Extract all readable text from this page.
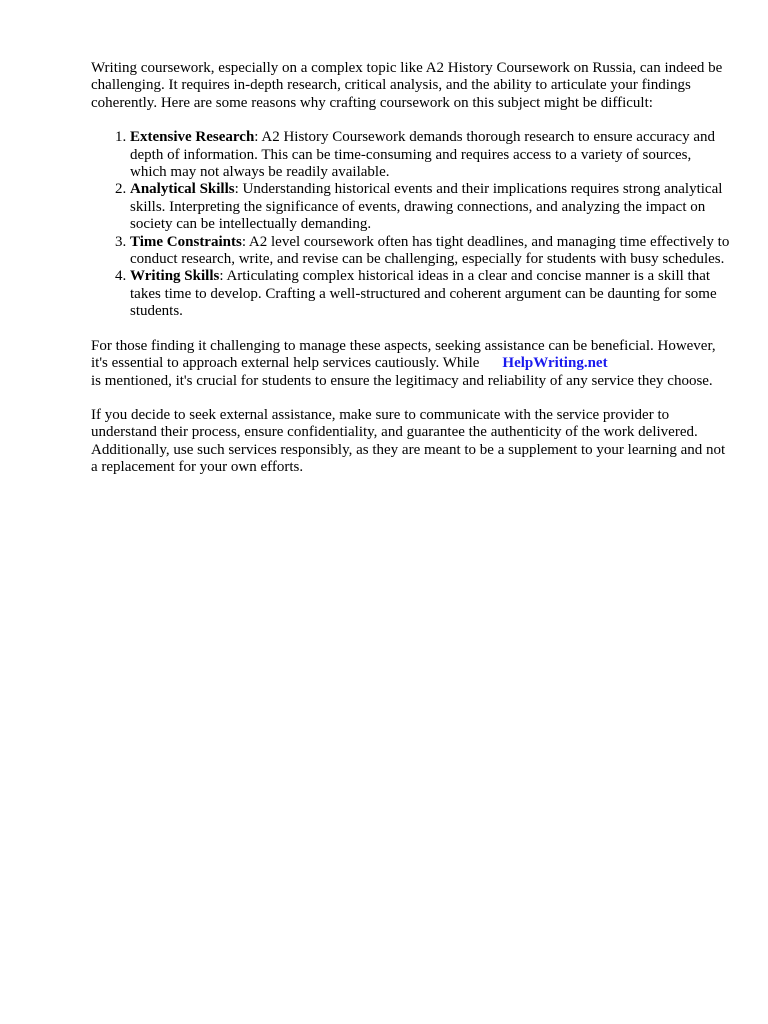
Writing coursework, especially on a complex topic like A2 History Coursework on Russia, can indeed be challenging. It requires in-depth research, critical analysis, and the ability to articulate your findings coherently. Here are some reasons why crafting coursework on this subject might be difficult:

1. Extensive Research: A2 History Coursework demands thorough research to ensure accuracy and depth of information. This can be time-consuming and requires access to a variety of sources, which may not always be readily available.
2. Analytical Skills: Understanding historical events and their implications requires strong analytical skills. Interpreting the significance of events, drawing connections, and analyzing the impact on society can be intellectually demanding.
3. Time Constraints: A2 level coursework often has tight deadlines, and managing time effectively to conduct research, write, and revise can be challenging, especially for students with busy schedules.
4. Writing Skills: Articulating complex historical ideas in a clear and concise manner is a skill that takes time to develop. Crafting a well-structured and coherent argument can be daunting for some students.

For those finding it challenging to manage these aspects, seeking assistance can be beneficial. However, it's essential to approach external help services cautiously. While HelpWriting.net
is mentioned, it's crucial for students to ensure the legitimacy and reliability of any service they choose.

If you decide to seek external assistance, make sure to communicate with the service provider to understand their process, ensure confidentiality, and guarantee the authenticity of the work delivered. Additionally, use such services responsibly, as they are meant to be a supplement to your learning and not a replacement for your own efforts.
